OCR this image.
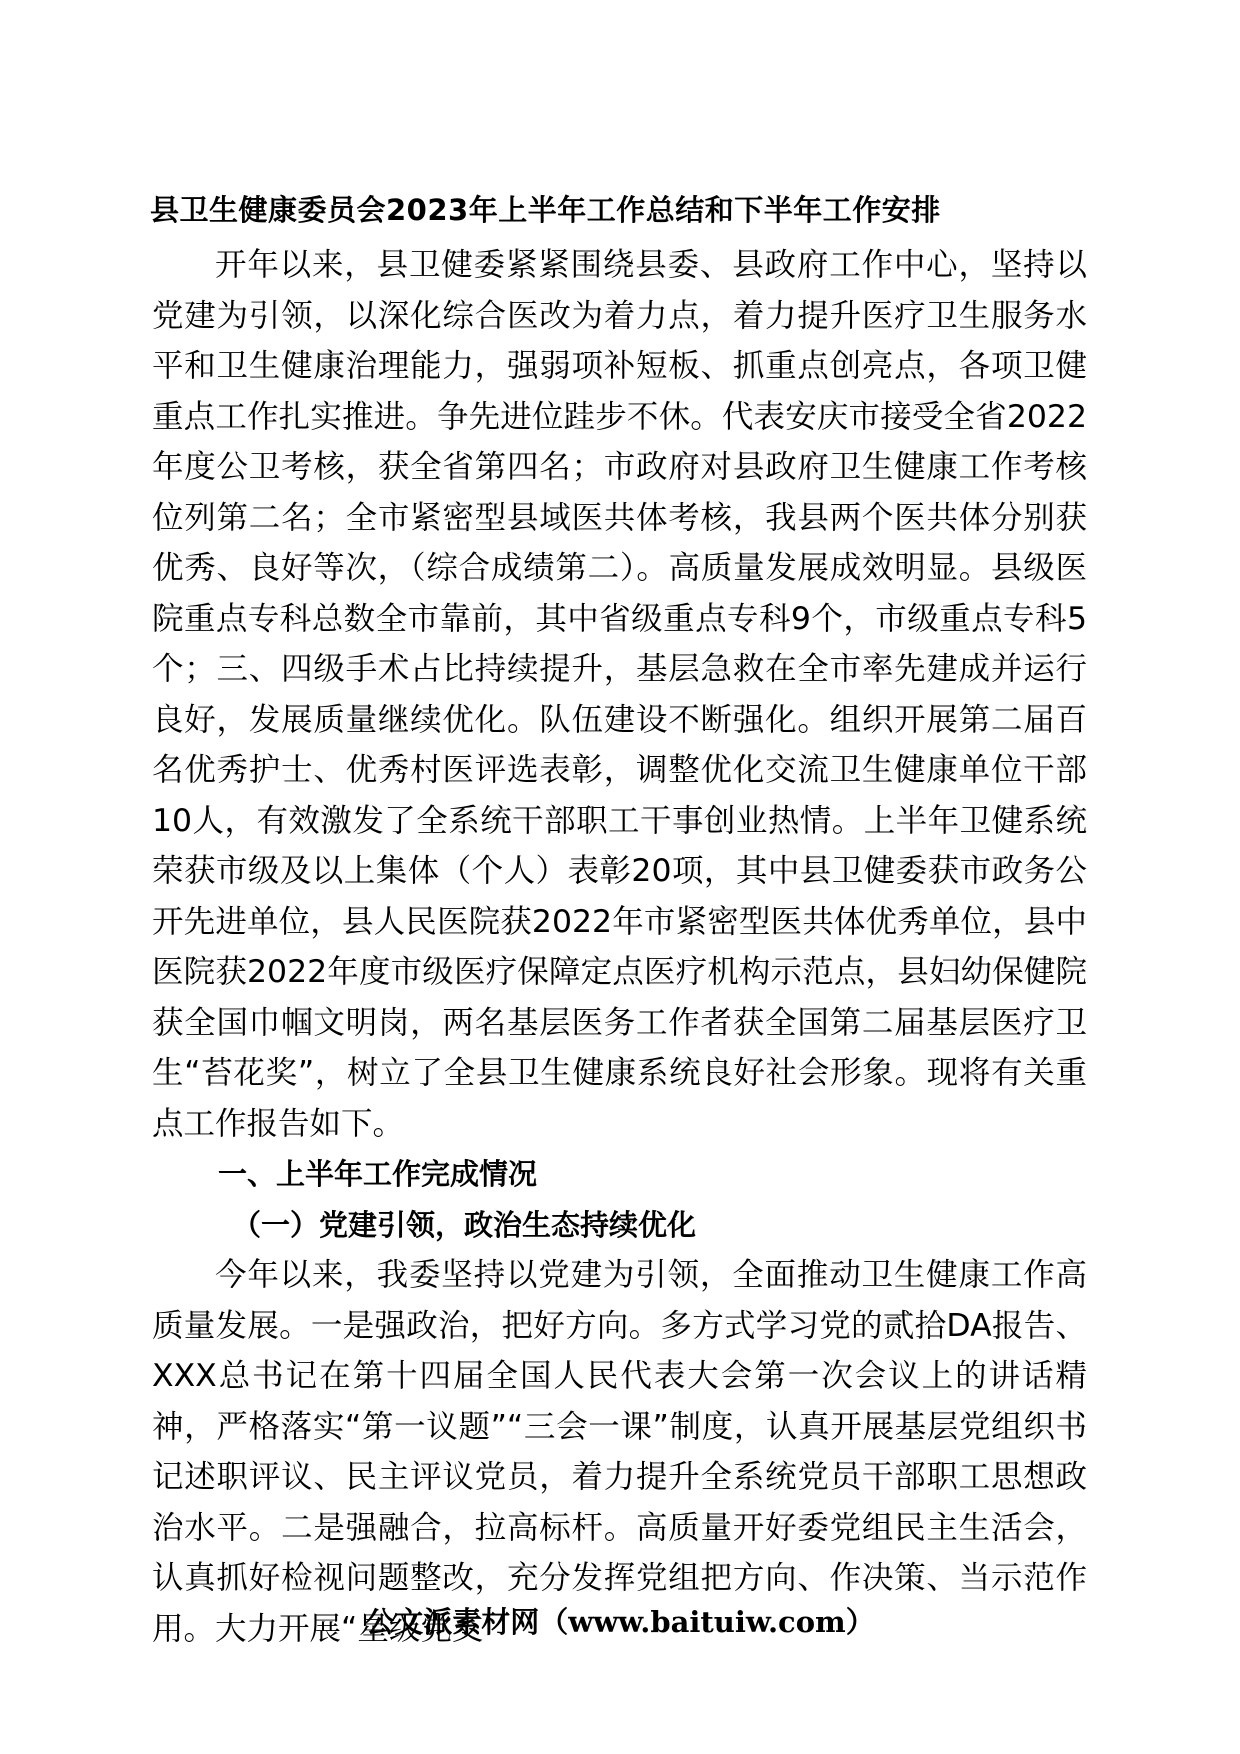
县卫生健康委员会2023年上半年工作总结和下半年工作安排

开年以来，县卫健委紧紧围绕县委、县政府工作中心，坚持以党建为引领，以深化综合医改为着力点，着力提升医疗卫生服务水平和卫生健康治理能力，强弱项补短板、抓重点创亮点，各项卫健重点工作扎实推进。争先进位跬步不休。代表安庆市接受全省2022年度公卫考核，获全省第四名；市政府对县政府卫生健康工作考核位列第二名；全市紧密型县域医共体考核，我县两个医共体分别获优秀、良好等次，（综合成绩第二）。高质量发展成效明显。县级医院重点专科总数全市靠前，其中省级重点专科9个，市级重点专科5个；三、四级手术占比持续提升，基层急救在全市率先建成并运行良好，发展质量继续优化。队伍建设不断强化。组织开展第二届百名优秀护士、优秀村医评选表彰，调整优化交流卫生健康单位干部10人，有效激发了全系统干部职工干事创业热情。上半年卫健系统荣获市级及以上集体（个人）表彰20项，其中县卫健委获市政务公开先进单位，县人民医院获2022年市紧密型医共体优秀单位，县中医院获2022年度市级医疗保障定点医疗机构示范点，县妇幼保健院获全国巾帼文明岗，两名基层医务工作者获全国第二届基层医疗卫生“苔花奖”，树立了全县卫生健康系统良好社会形象。现将有关重点工作报告如下。

一、上半年工作完成情况
（一）党建引领，政治生态持续优化

今年以来，我委坚持以党建为引领，全面推动卫生健康工作高质量发展。一是强政治，把好方向。多方式学习党的贰拾DA报告、XXX总书记在第十四届全国人民代表大会第一次会议上的讲话精神，严格落实“第一议题”“三会一课”制度，认真开展基层党组织书记述职评议、民主评议党员，着力提升全系统党员干部职工思想政治水平。二是强融合，拉高标杆。高质量开好委党组民主生活会，认真抓好检视问题整改，充分发挥党组把方向、作决策、当示范作用。大力开展“星级党支

公文派素材网（www.baituiw.com）
